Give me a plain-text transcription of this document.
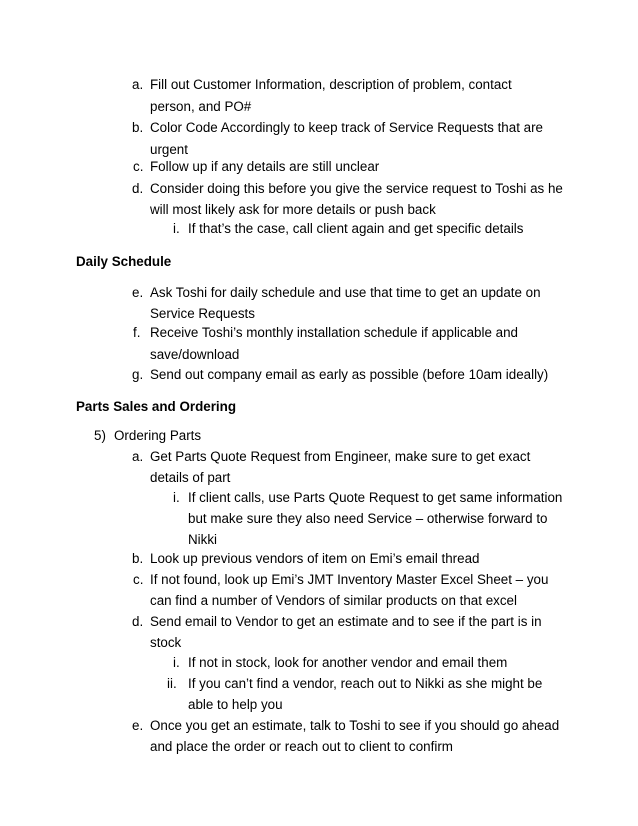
a. Fill out Customer Information, description of problem, contact
person, and PO#
b. Color Code Accordingly to keep track of Service Requests that are
urgent
c. Follow up if any details are still unclear
d. Consider doing this before you give the service request to Toshi as he
will most likely ask for more details or push back
i. If that’s the case, call client again and get specific details
Daily Schedule
e. Ask Toshi for daily schedule and use that time to get an update on
Service Requests
f. Receive Toshi’s monthly installation schedule if applicable and
save/download
g. Send out company email as early as possible (before 10am ideally)
Parts Sales and Ordering
5) Ordering Parts
a. Get Parts Quote Request from Engineer, make sure to get exact
details of part
i. If client calls, use Parts Quote Request to get same information
but make sure they also need Service – otherwise forward to
Nikki
b. Look up previous vendors of item on Emi’s email thread
c. If not found, look up Emi’s JMT Inventory Master Excel Sheet – you
can find a number of Vendors of similar products on that excel
d. Send email to Vendor to get an estimate and to see if the part is in
stock
i. If not in stock, look for another vendor and email them
ii. If you can’t find a vendor, reach out to Nikki as she might be
able to help you
e. Once you get an estimate, talk to Toshi to see if you should go ahead
and place the order or reach out to client to confirm
